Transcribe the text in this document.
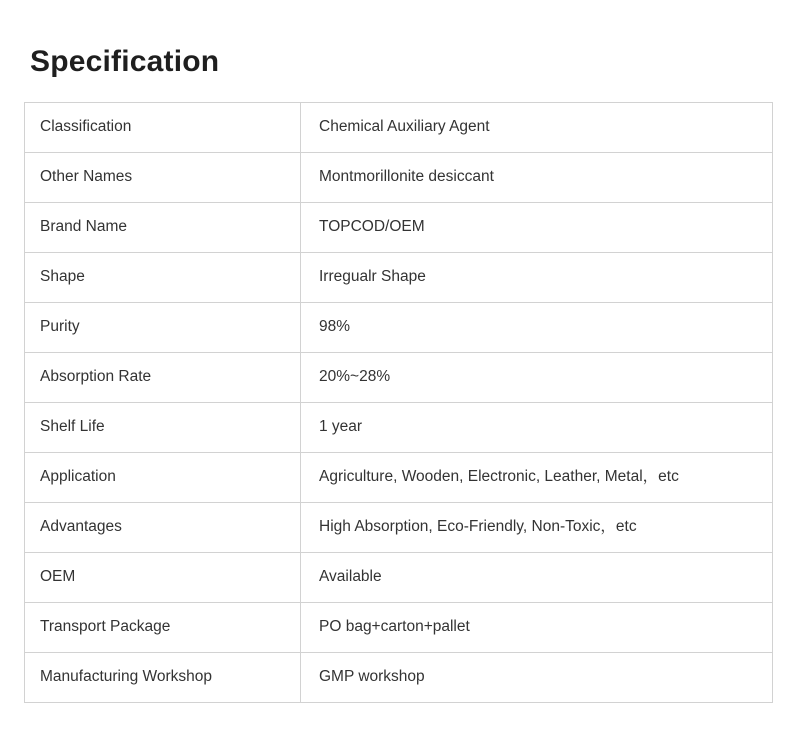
Specification
Classification	Chemical Auxiliary Agent
Other Names	Montmorillonite desiccant
Brand Name	TOPCOD/OEM
Shape	Irregualr Shape
Purity	98%
Absorption Rate	20%~28%
Shelf Life	1 year
Application	Agriculture, Wooden, Electronic, Leather, Metal，etc
Advantages	High Absorption, Eco-Friendly, Non-Toxic，etc
OEM	Available
Transport Package	PO bag+carton+pallet
Manufacturing Workshop	GMP workshop
